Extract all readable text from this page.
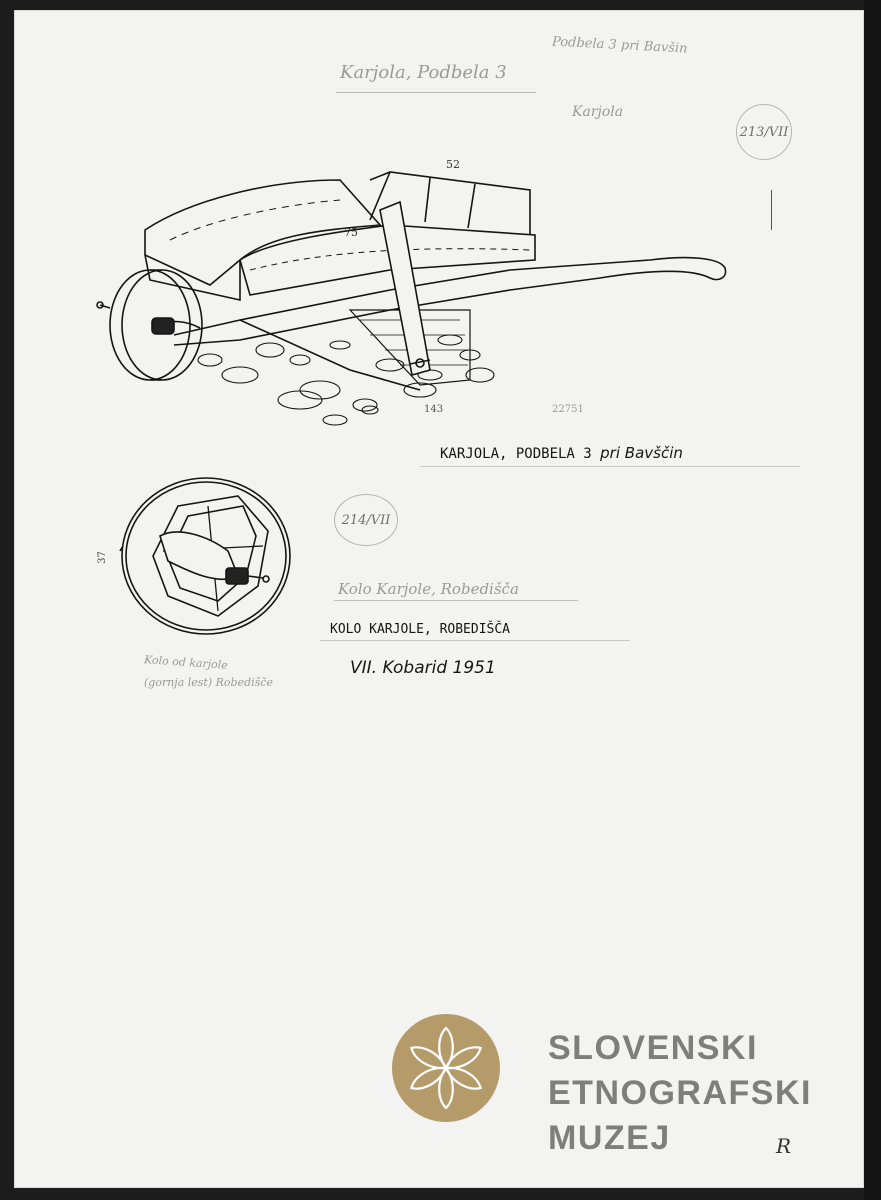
Karjola, Podbela 3
Podbela 3 pri Bavšin
Karjola
213/VII
52
75
143	22751
KARJOLA, PODBELA 3 pri Bavščin
37
214/VII
Kolo Karjole, Robedišča
KOLO KARJOLE, ROBEDIŠČA
VII. Kobarid 1951
Kolo od karjole
(gornja lest) Robedišče
SLOVENSKI
ETNOGRAFSKI
MUZEJ	R
